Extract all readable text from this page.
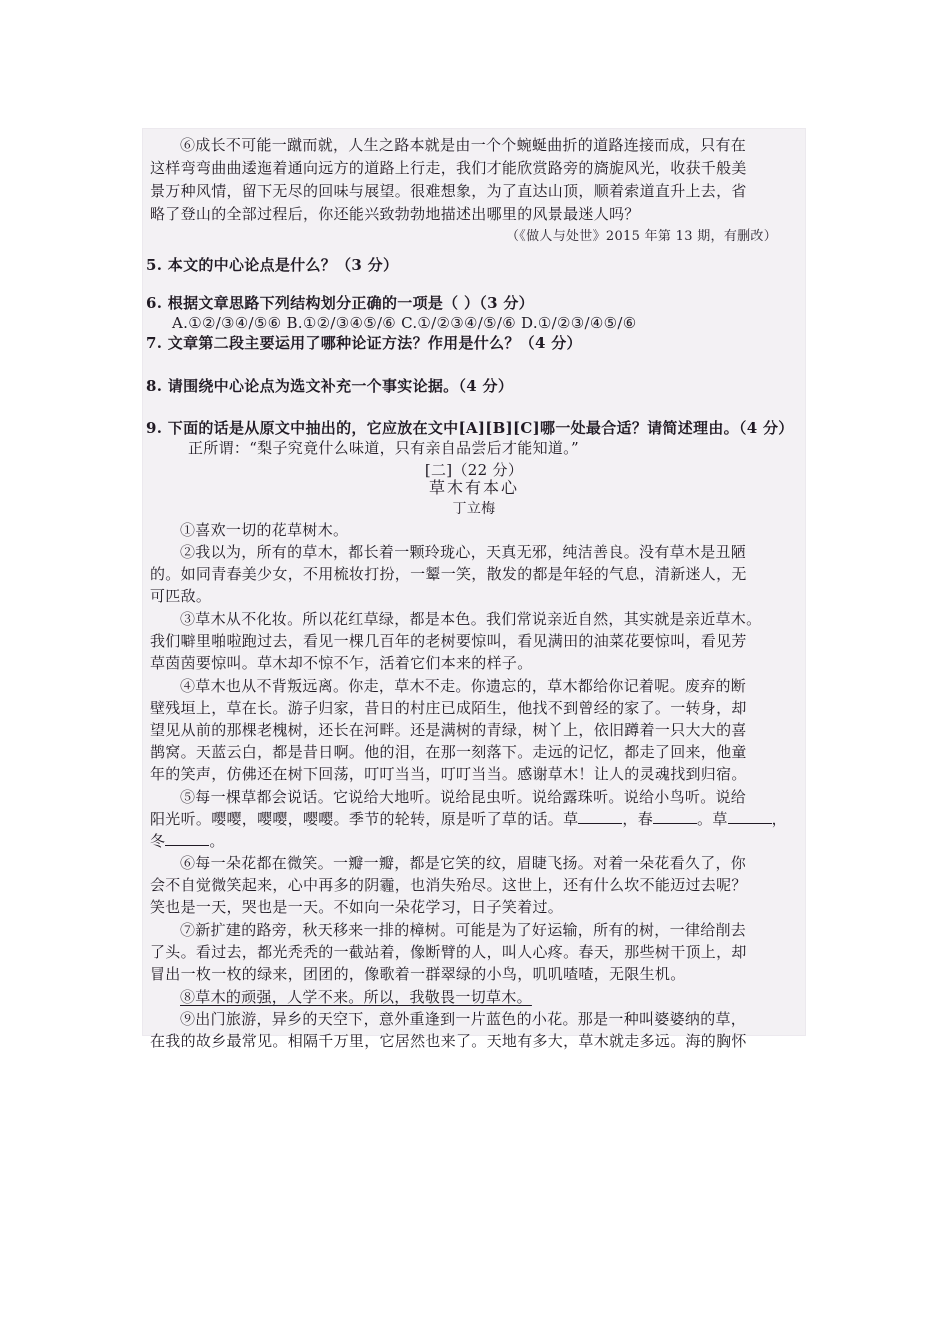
⑥成长不可能一蹴而就，人生之路本就是由一个个蜿蜒曲折的道路连接而成，只有在
这样弯弯曲曲逶迤着通向远方的道路上行走，我们才能欣赏路旁的旖旎风光，收获千般美
景万种风情，留下无尽的回味与展望。很难想象，为了直达山顶，顺着索道直升上去，省
略了登山的全部过程后，你还能兴致勃勃地描述出哪里的风景最迷人吗？
（《做人与处世》2015 年第 13 期，有删改）
5. 本文的中心论点是什么？（3 分）
6. 根据文章思路下列结构划分正确的一项是（ ）（3 分）
A.①②/③④/⑤⑥ B.①②/③④⑤/⑥ C.①/②③④/⑤/⑥ D.①/②③/④⑤/⑥
7. 文章第二段主要运用了哪种论证方法？作用是什么？（4 分）
8. 请围绕中心论点为选文补充一个事实论据。（4 分）
9. 下面的话是从原文中抽出的，它应放在文中[A][B][C]哪一处最合适？请简述理由。（4 分）
正所谓：“梨子究竟什么味道，只有亲自品尝后才能知道。”
[二]（22 分）
草木有本心
丁立梅
①喜欢一切的花草树木。
②我以为，所有的草木，都长着一颗玲珑心，天真无邪，纯洁善良。没有草木是丑陋
的。如同青春美少女，不用梳妆打扮，一颦一笑，散发的都是年轻的气息，清新迷人，无
可匹敌。
③草木从不化妆。所以花红草绿，都是本色。我们常说亲近自然，其实就是亲近草木。
我们噼里啪啦跑过去，看见一棵几百年的老树要惊叫，看见满田的油菜花要惊叫，看见芳
草茵茵要惊叫。草木却不惊不乍，活着它们本来的样子。
④草木也从不背叛远离。你走，草木不走。你遗忘的，草木都给你记着呢。废弃的断
壁残垣上，草在长。游子归家，昔日的村庄已成陌生，他找不到曾经的家了。一转身，却
望见从前的那棵老槐树，还长在河畔。还是满树的青绿，树丫上，依旧蹲着一只大大的喜
鹊窝。天蓝云白，都是昔日啊。他的泪，在那一刻落下。走远的记忆，都走了回来，他童
年的笑声，仿佛还在树下回荡，叮叮当当，叮叮当当。感谢草木！让人的灵魂找到归宿。
⑤每一棵草都会说话。它说给大地听。说给昆虫听。说给露珠听。说给小鸟听。说给
阳光听。嘤嘤，嘤嘤，嘤嘤。季节的轮转，原是听了草的话。草	，春	。草	，
冬	。
⑥每一朵花都在微笑。一瓣一瓣，都是它笑的纹，眉睫飞扬。对着一朵花看久了，你
会不自觉微笑起来，心中再多的阴霾，也消失殆尽。这世上，还有什么坎不能迈过去呢？
笑也是一天，哭也是一天。不如向一朵花学习，日子笑着过。
⑦新扩建的路旁，秋天移来一排的樟树。可能是为了好运输，所有的树，一律给削去
了头。看过去，都光秃秃的一截站着，像断臂的人，叫人心疼。春天，那些树干顶上，却
冒出一枚一枚的绿来，团团的，像歌着一群翠绿的小鸟，叽叽喳喳，无限生机。
⑧草木的顽强，人学不来。所以，我敬畏一切草木。
⑨出门旅游，异乡的天空下，意外重逢到一片蓝色的小花。那是一种叫婆婆纳的草，
在我的故乡最常见。相隔千万里，它居然也来了。天地有多大，草木就走多远。海的胸怀
